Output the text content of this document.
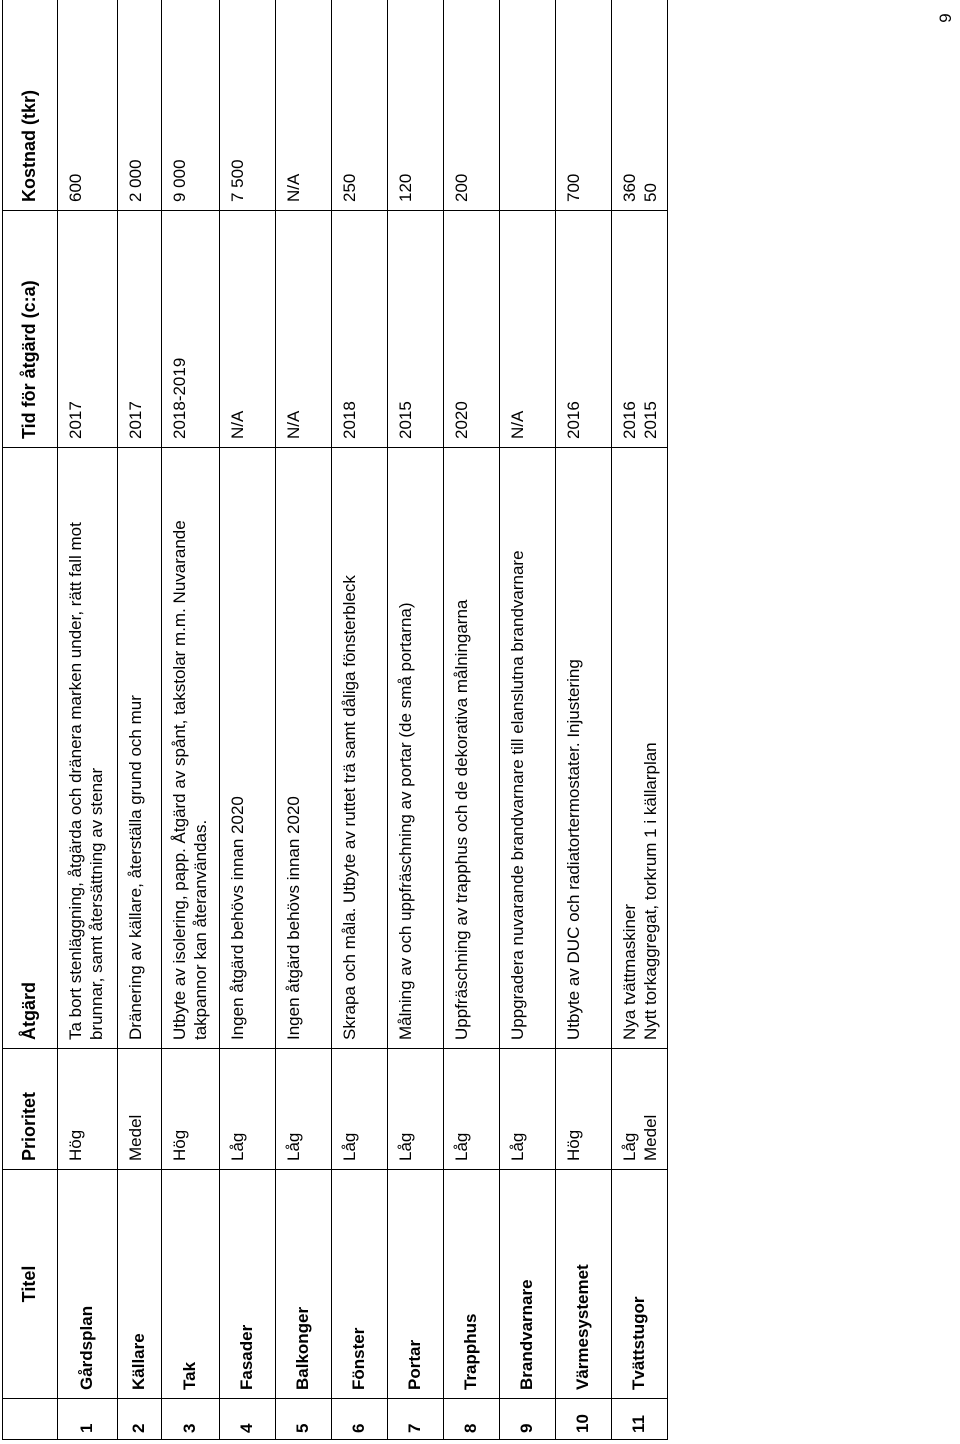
	Titel	Prioritet	Åtgärd	Tid för åtgärd (c:a)	Kostnad (tkr)
1	Gårdsplan	Hög	Ta bort stenläggning, åtgärda och dränera marken under, rätt fall mot brunnar, samt återsättning av stenar	2017	600

2	Källare	Medel	Dränering av källare, återställa grund och mur	2017	2 000

3	Tak	Hög	Utbyte av isolering, papp. Åtgärd av spånt, takstolar m.m. Nuvarande takpannor kan återanvändas.	2018-2019	9 000

4	Fasader	Låg	Ingen åtgärd behövs innan 2020	N/A	7 500

5	Balkonger	Låg	Ingen åtgärd behövs innan 2020	N/A	N/A

6	Fönster	Låg	Skrapa och måla. Utbyte av ruttet trä samt dåliga fönsterbleck	2018	250

7	Portar	Låg	Målning av och uppfräschning av portar (de små portarna)	2015	120

8	Trapphus	Låg	Uppfräschning av trapphus och de dekorativa målningarna	2020	200

9	Brandvarnare	Låg	Uppgradera nuvarande brandvarnare till elanslutna brandvarnare	N/A	

10	Värmesystemet	Hög	Utbyte av DUC och radiatortermostater. Injustering	2016	700

11	Tvättstugor	Låg Medel	Nya tvättmaskiner Nytt torkaggregat, torkrum 1 i källarplan	2016 2015	360 50
9
